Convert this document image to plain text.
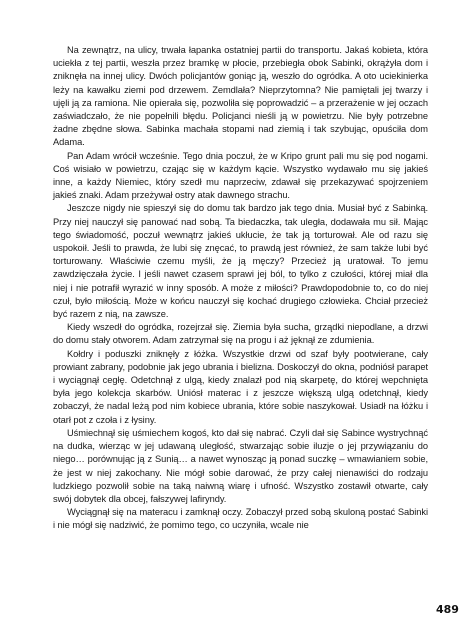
Na zewnątrz, na ulicy, trwała łapanka ostatniej partii do transportu. Jakaś kobieta, która uciekła z tej partii, weszła przez bramkę w płocie, przebiegła obok Sabinki, okrążyła dom i zniknęła na innej ulicy. Dwóch policjantów goniąc ją, weszło do ogródka. A oto uciekinierka leży na kawałku ziemi pod drzewem. Zemdlała? Nieprzytomna? Nie pamiętali jej twarzy i ujęli ją za ramiona. Nie opierała się, pozwoliła się poprowadzić – a przerażenie w jej oczach zaświadczało, że nie popełnili błędu. Policjanci nieśli ją w powietrzu. Nie były potrzebne żadne zbędne słowa. Sabinka machała stopami nad ziemią i tak szybując, opuściła dom Adama.

Pan Adam wrócił wcześnie. Tego dnia poczuł, że w Kripo grunt pali mu się pod nogami. Coś wisiało w powietrzu, czając się w każdym kącie. Wszystko wydawało mu się jakieś inne, a każdy Niemiec, który szedł mu naprzeciw, zdawał się przekazywać spojrzeniem jakieś znaki. Adam przeżywał ostry atak dawnego strachu.

Jeszcze nigdy nie spieszył się do domu tak bardzo jak tego dnia. Musiał być z Sabinką. Przy niej nauczył się panować nad sobą. Ta biedaczka, tak uległa, dodawała mu sił. Mając tego świadomość, poczuł wewnątrz jakieś ukłucie, że tak ją torturował. Ale od razu się uspokoił. Jeśli to prawda, że lubi się znęcać, to prawdą jest również, że sam także lubi być torturowany. Właściwie czemu myśli, że ją męczy? Przecież ją uratował. To jemu zawdzięczała życie. I jeśli nawet czasem sprawi jej ból, to tylko z czułości, której miał dla niej i nie potrafił wyrazić w inny sposób. A może z miłości? Prawdopodobnie to, co do niej czuł, było miłością. Może w końcu nauczył się kochać drugiego człowieka. Chciał przecież być razem z nią, na zawsze.

Kiedy wszedł do ogródka, rozejrzał się. Ziemia była sucha, grządki niepodlane, a drzwi do domu stały otworem. Adam zatrzymał się na progu i aż jęknął ze zdumienia.

Kołdry i poduszki zniknęły z łóżka. Wszystkie drzwi od szaf były pootwierane, cały prowiant zabrany, podobnie jak jego ubrania i bielizna. Doskoczył do okna, podniósł parapet i wyciągnął cegłę. Odetchnął z ulgą, kiedy znalazł pod nią skarpetę, do której wepchnięta była jego kolekcja skarbów. Uniósł materac i z jeszcze większą ulgą odetchnął, kiedy zobaczył, że nadal leżą pod nim kobiece ubrania, które sobie naszykował. Usiadł na łóżku i otarł pot z czoła i z łysiny.

Uśmiechnął się uśmiechem kogoś, kto dał się nabrać. Czyli dał się Sabince wystrychnąć na dudka, wierząc w jej udawaną uległość, stwarzając sobie iluzje o jej przywiązaniu do niego… porównując ją z Sunią… a nawet wynosząc ją ponad suczkę – wmawianiem sobie, że jest w niej zakochany. Nie mógł sobie darować, że przy całej nienawiści do rodzaju ludzkiego pozwolił sobie na taką naiwną wiarę i ufność. Wszystko zostawił otwarte, cały swój dobytek dla obcej, fałszywej lafiryndy.

Wyciągnął się na materacu i zamknął oczy. Zobaczył przed sobą skuloną postać Sabinki i nie mógł się nadziwić, że pomimo tego, co uczyniła, wcale nie

489
